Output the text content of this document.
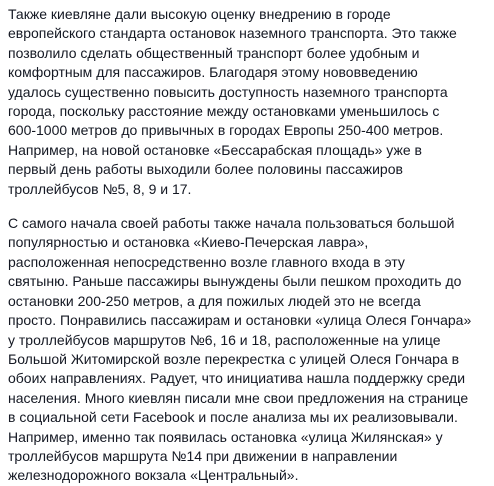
Также киевляне дали высокую оценку внедрению в городе
европейского стандарта остановок наземного транспорта. Это также
позволило сделать общественный транспорт более удобным и
комфортным для пассажиров. Благодаря этому нововведению
удалось существенно повысить доступность наземного транспорта
города, поскольку расстояние между остановками уменьшилось с
600-1000 метров до привычных в городах Европы 250-400 метров.
Например, на новой остановке «Бессарабская площадь» уже в
первый день работы выходили более половины пассажиров
троллейбусов №5, 8, 9 и 17.

С самого начала своей работы также начала пользоваться большой
популярностью и остановка «Киево-Печерская лавра»,
расположенная непосредственно возле главного входа в эту
святыню. Раньше пассажиры вынуждены были пешком проходить до
остановки 200-250 метров, а для пожилых людей это не всегда
просто. Понравились пассажирам и остановки «улица Олеся Гончара»
у троллейбусов маршрутов №6, 16 и 18, расположенные на улице
Большой Житомирской возле перекрестка с улицей Олеся Гончара в
обоих направлениях. Радует, что инициатива нашла поддержку среди
населения. Много киевлян писали мне свои предложения на странице
в социальной сети Facebook и после анализа мы их реализовывали.
Например, именно так появилась остановка «улица Жилянская» у
троллейбусов маршрута №14 при движении в направлении
железнодорожного вокзала «Центральный».
